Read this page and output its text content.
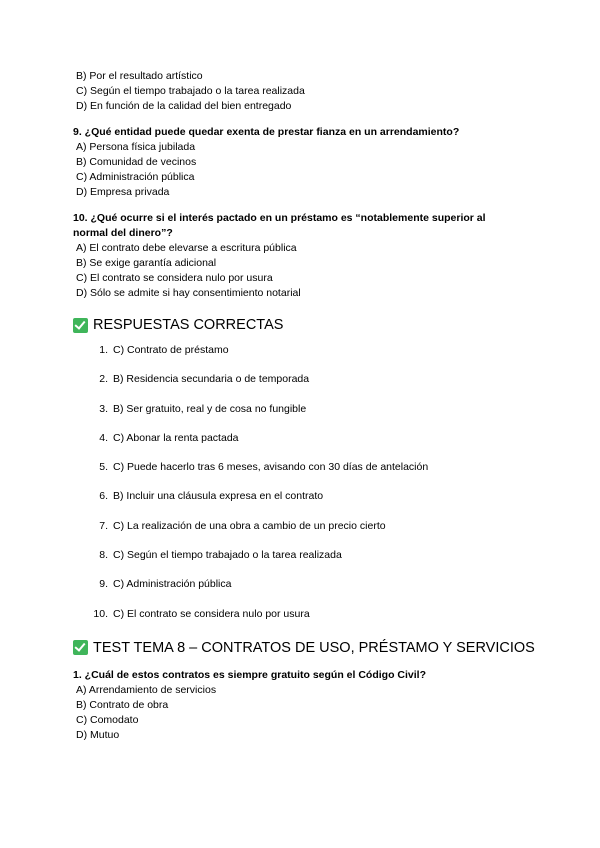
B) Por el resultado artístico

C) Según el tiempo trabajado o la tarea realizada

D) En función de la calidad del bien entregado

9. ¿Qué entidad puede quedar exenta de prestar fianza en un arrendamiento?

A) Persona física jubilada

B) Comunidad de vecinos

C) Administración pública

D) Empresa privada

10. ¿Qué ocurre si el interés pactado en un préstamo es “notablemente superior al

normal del dinero”?

A) El contrato debe elevarse a escritura pública

B) Se exige garantía adicional

C) El contrato se considera nulo por usura

D) Sólo se admite si hay consentimiento notarial

RESPUESTAS CORRECTAS
1. C) Contrato de préstamo
2. B) Residencia secundaria o de temporada
3. B) Ser gratuito, real y de cosa no fungible
4. C) Abonar la renta pactada
5. C) Puede hacerlo tras 6 meses, avisando con 30 días de antelación
6. B) Incluir una cláusula expresa en el contrato
7. C) La realización de una obra a cambio de un precio cierto
8. C) Según el tiempo trabajado o la tarea realizada
9. C) Administración pública
10. C) El contrato se considera nulo por usura
TEST TEMA 8 – CONTRATOS DE USO, PRÉSTAMO Y SERVICIOS

1. ¿Cuál de estos contratos es siempre gratuito según el Código Civil?

A) Arrendamiento de servicios

B) Contrato de obra

C) Comodato

D) Mutuo
